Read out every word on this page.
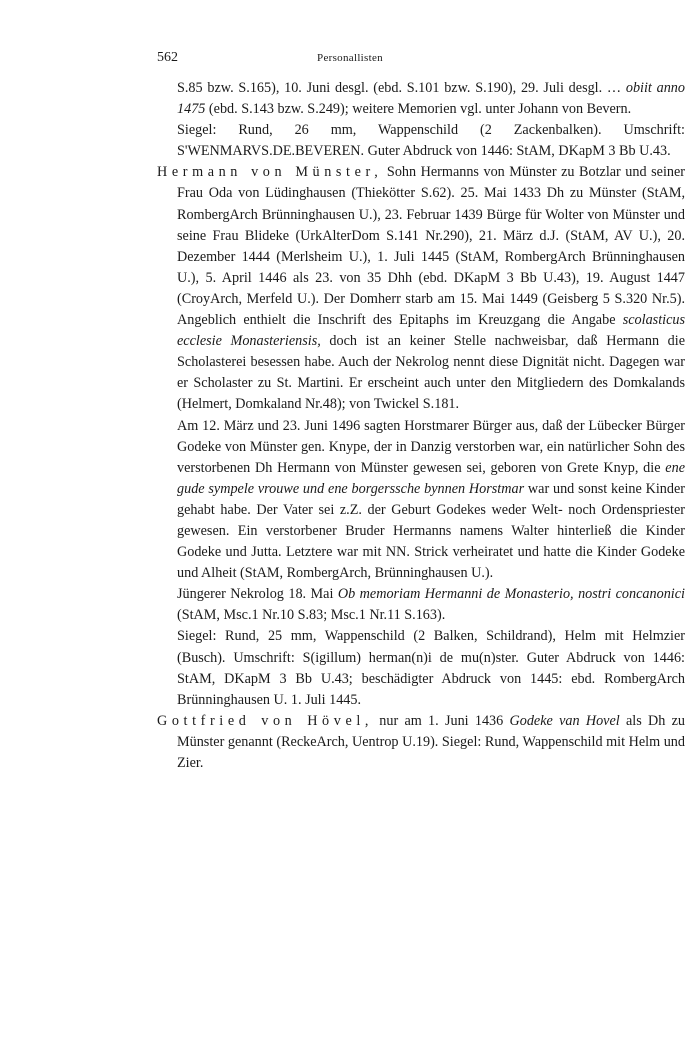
562	Personallisten

S.85 bzw. S.165), 10. Juni desgl. (ebd. S.101 bzw. S.190), 29. Juli desgl. … obiit anno 1475 (ebd. S.143 bzw. S.249); weitere Memorien vgl. unter Johann von Bevern.

Siegel: Rund, 26 mm, Wappenschild (2 Zackenbalken). Umschrift: S'WENMARVS.DE.BEVEREN. Guter Abdruck von 1446: StAM, DKapM 3 Bb U.43.

Hermann von Münster, Sohn Hermanns von Münster zu Botzlar und seiner Frau Oda von Lüdinghausen (Thiekötter S.62). 25. Mai 1433 Dh zu Münster (StAM, RombergArch Brünninghausen U.), 23. Februar 1439 Bürge für Wolter von Münster und seine Frau Blideke (UrkAlterDom S.141 Nr.290), 21. März d.J. (StAM, AV U.), 20. Dezember 1444 (Merlsheim U.), 1. Juli 1445 (StAM, RombergArch Brünninghausen U.), 5. April 1446 als 23. von 35 Dhh (ebd. DKapM 3 Bb U.43), 19. August 1447 (CroyArch, Merfeld U.). Der Domherr starb am 15. Mai 1449 (Geisberg 5 S.320 Nr.5). Angeblich enthielt die Inschrift des Epitaphs im Kreuzgang die Angabe scolasticus ecclesie Monasteriensis, doch ist an keiner Stelle nachweisbar, daß Hermann die Scholasterei besessen habe. Auch der Nekrolog nennt diese Dignität nicht. Dagegen war er Scholaster zu St. Martini. Er erscheint auch unter den Mitgliedern des Domkalands (Helmert, Domkaland Nr.48); von Twickel S.181.

Am 12. März und 23. Juni 1496 sagten Horstmarer Bürger aus, daß der Lübecker Bürger Godeke von Münster gen. Knype, der in Danzig verstorben war, ein natürlicher Sohn des verstorbenen Dh Hermann von Münster gewesen sei, geboren von Grete Knyp, die ene gude sympele vrouwe und ene borgerssche bynnen Horstmar war und sonst keine Kinder gehabt habe. Der Vater sei z.Z. der Geburt Godekes weder Welt- noch Ordenspriester gewesen. Ein verstorbener Bruder Hermanns namens Walter hinterließ die Kinder Godeke und Jutta. Letztere war mit NN. Strick verheiratet und hatte die Kinder Godeke und Alheit (StAM, RombergArch, Brünninghausen U.).

Jüngerer Nekrolog 18. Mai Ob memoriam Hermanni de Monasterio, nostri concanonici (StAM, Msc.1 Nr.10 S.83; Msc.1 Nr.11 S.163).

Siegel: Rund, 25 mm, Wappenschild (2 Balken, Schildrand), Helm mit Helmzier (Busch). Umschrift: S(igillum) herman(n)i de mu(n)ster. Guter Abdruck von 1446: StAM, DKapM 3 Bb U.43; beschädigter Abdruck von 1445: ebd. RombergArch Brünninghausen U. 1. Juli 1445.

Gottfried von Hövel, nur am 1. Juni 1436 Godeke van Hovel als Dh zu Münster genannt (ReckeArch, Uentrop U.19). Siegel: Rund, Wappenschild mit Helm und Zier.
